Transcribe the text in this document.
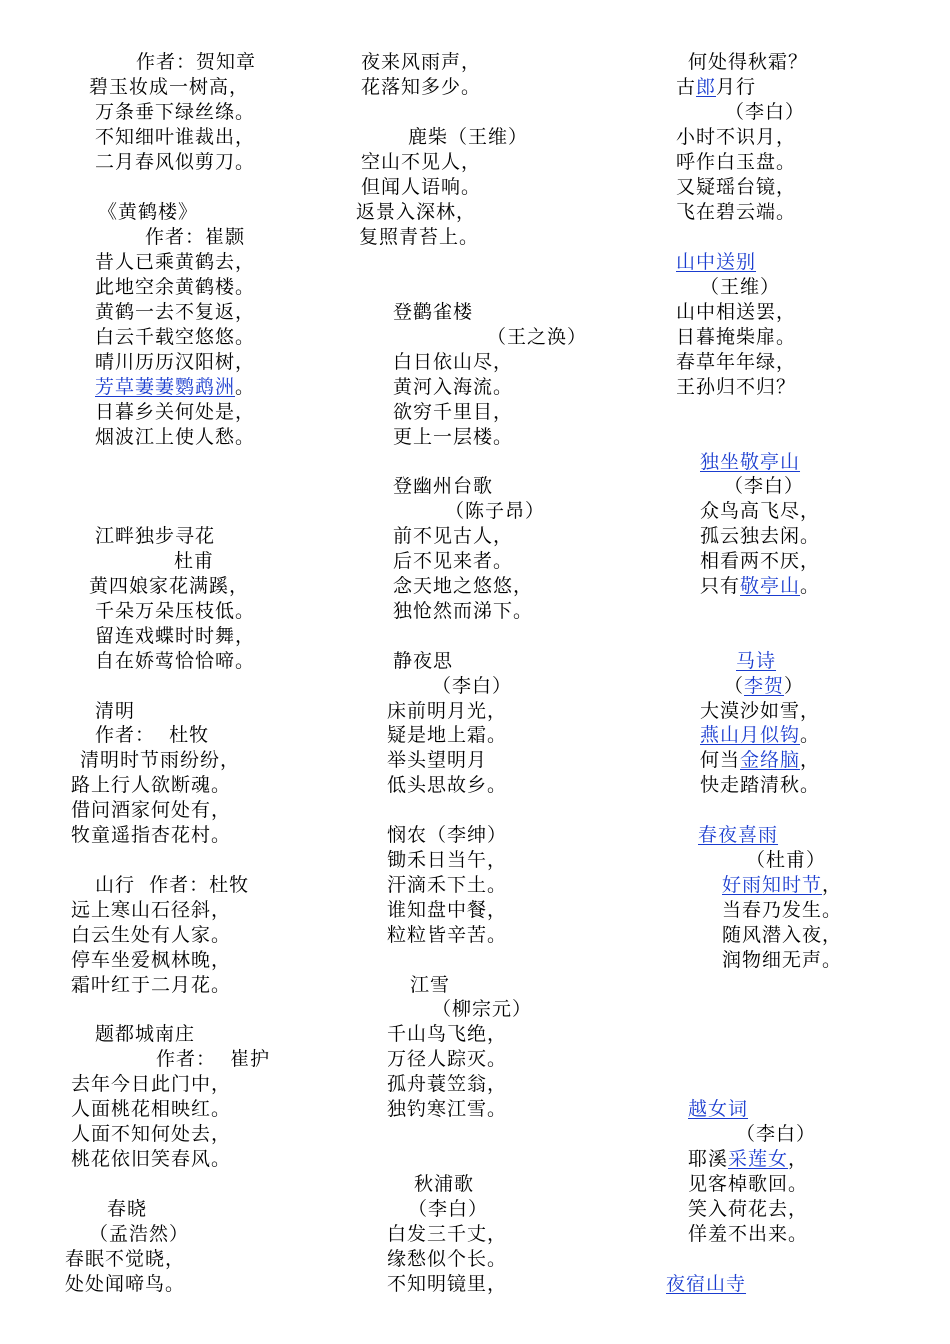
作者：贺知章
碧玉妆成一树高，
万条垂下绿丝绦。
不知细叶谁裁出，
二月春风似剪刀。
《黄鹤楼》
作者：崔颢
昔人已乘黄鹤去，
此地空余黄鹤楼。
黄鹤一去不复返，
白云千载空悠悠。
晴川历历汉阳树，
芳草萋萋鹦鹉洲。
日暮乡关何处是，
烟波江上使人愁。
江畔独步寻花
杜甫
黄四娘家花满蹊，
千朵万朵压枝低。
留连戏蝶时时舞，
自在娇莺恰恰啼。
清明
作者：  杜牧
清明时节雨纷纷，
路上行人欲断魂。
借问酒家何处有，
牧童遥指杏花村。
山行  作者：杜牧
远上寒山石径斜，
白云生处有人家。
停车坐爱枫林晚，
霜叶红于二月花。
题都城南庄
作者：  崔护
去年今日此门中，
人面桃花相映红。
人面不知何处去，
桃花依旧笑春风。
春晓
（孟浩然）
春眠不觉晓，
处处闻啼鸟。
夜来风雨声，
花落知多少。
鹿柴（王维）
空山不见人，
但闻人语响。
返景入深林，
复照青苔上。
登鹳雀楼
（王之涣）
白日依山尽，
黄河入海流。
欲穷千里目，
更上一层楼。
登幽州台歌
（陈子昂）
前不见古人，
后不见来者。
念天地之悠悠，
独怆然而涕下。
静夜思
（李白）
床前明月光，
疑是地上霜。
举头望明月
低头思故乡。
悯农（李绅）
锄禾日当午，
汗滴禾下土。
谁知盘中餐，
粒粒皆辛苦。
江雪
（柳宗元）
千山鸟飞绝，
万径人踪灭。
孤舟蓑笠翁，
独钓寒江雪。
秋浦歌
（李白）
白发三千丈，
缘愁似个长。
不知明镜里，
何处得秋霜？
古郎月行
（李白）
小时不识月，
呼作白玉盘。
又疑瑶台镜，
飞在碧云端。
山中送别
（王维）
山中相送罢，
日暮掩柴扉。
春草年年绿，
王孙归不归？
独坐敬亭山
（李白）
众鸟高飞尽，
孤云独去闲。
相看两不厌，
只有敬亭山。
马诗
（李贺）
大漠沙如雪，
燕山月似钩。
何当金络脑，
快走踏清秋。
春夜喜雨
（杜甫）
好雨知时节，
当春乃发生。
随风潜入夜，
润物细无声。
越女词
（李白）
耶溪采莲女，
见客棹歌回。
笑入荷花去，
佯羞不出来。
夜宿山寺
